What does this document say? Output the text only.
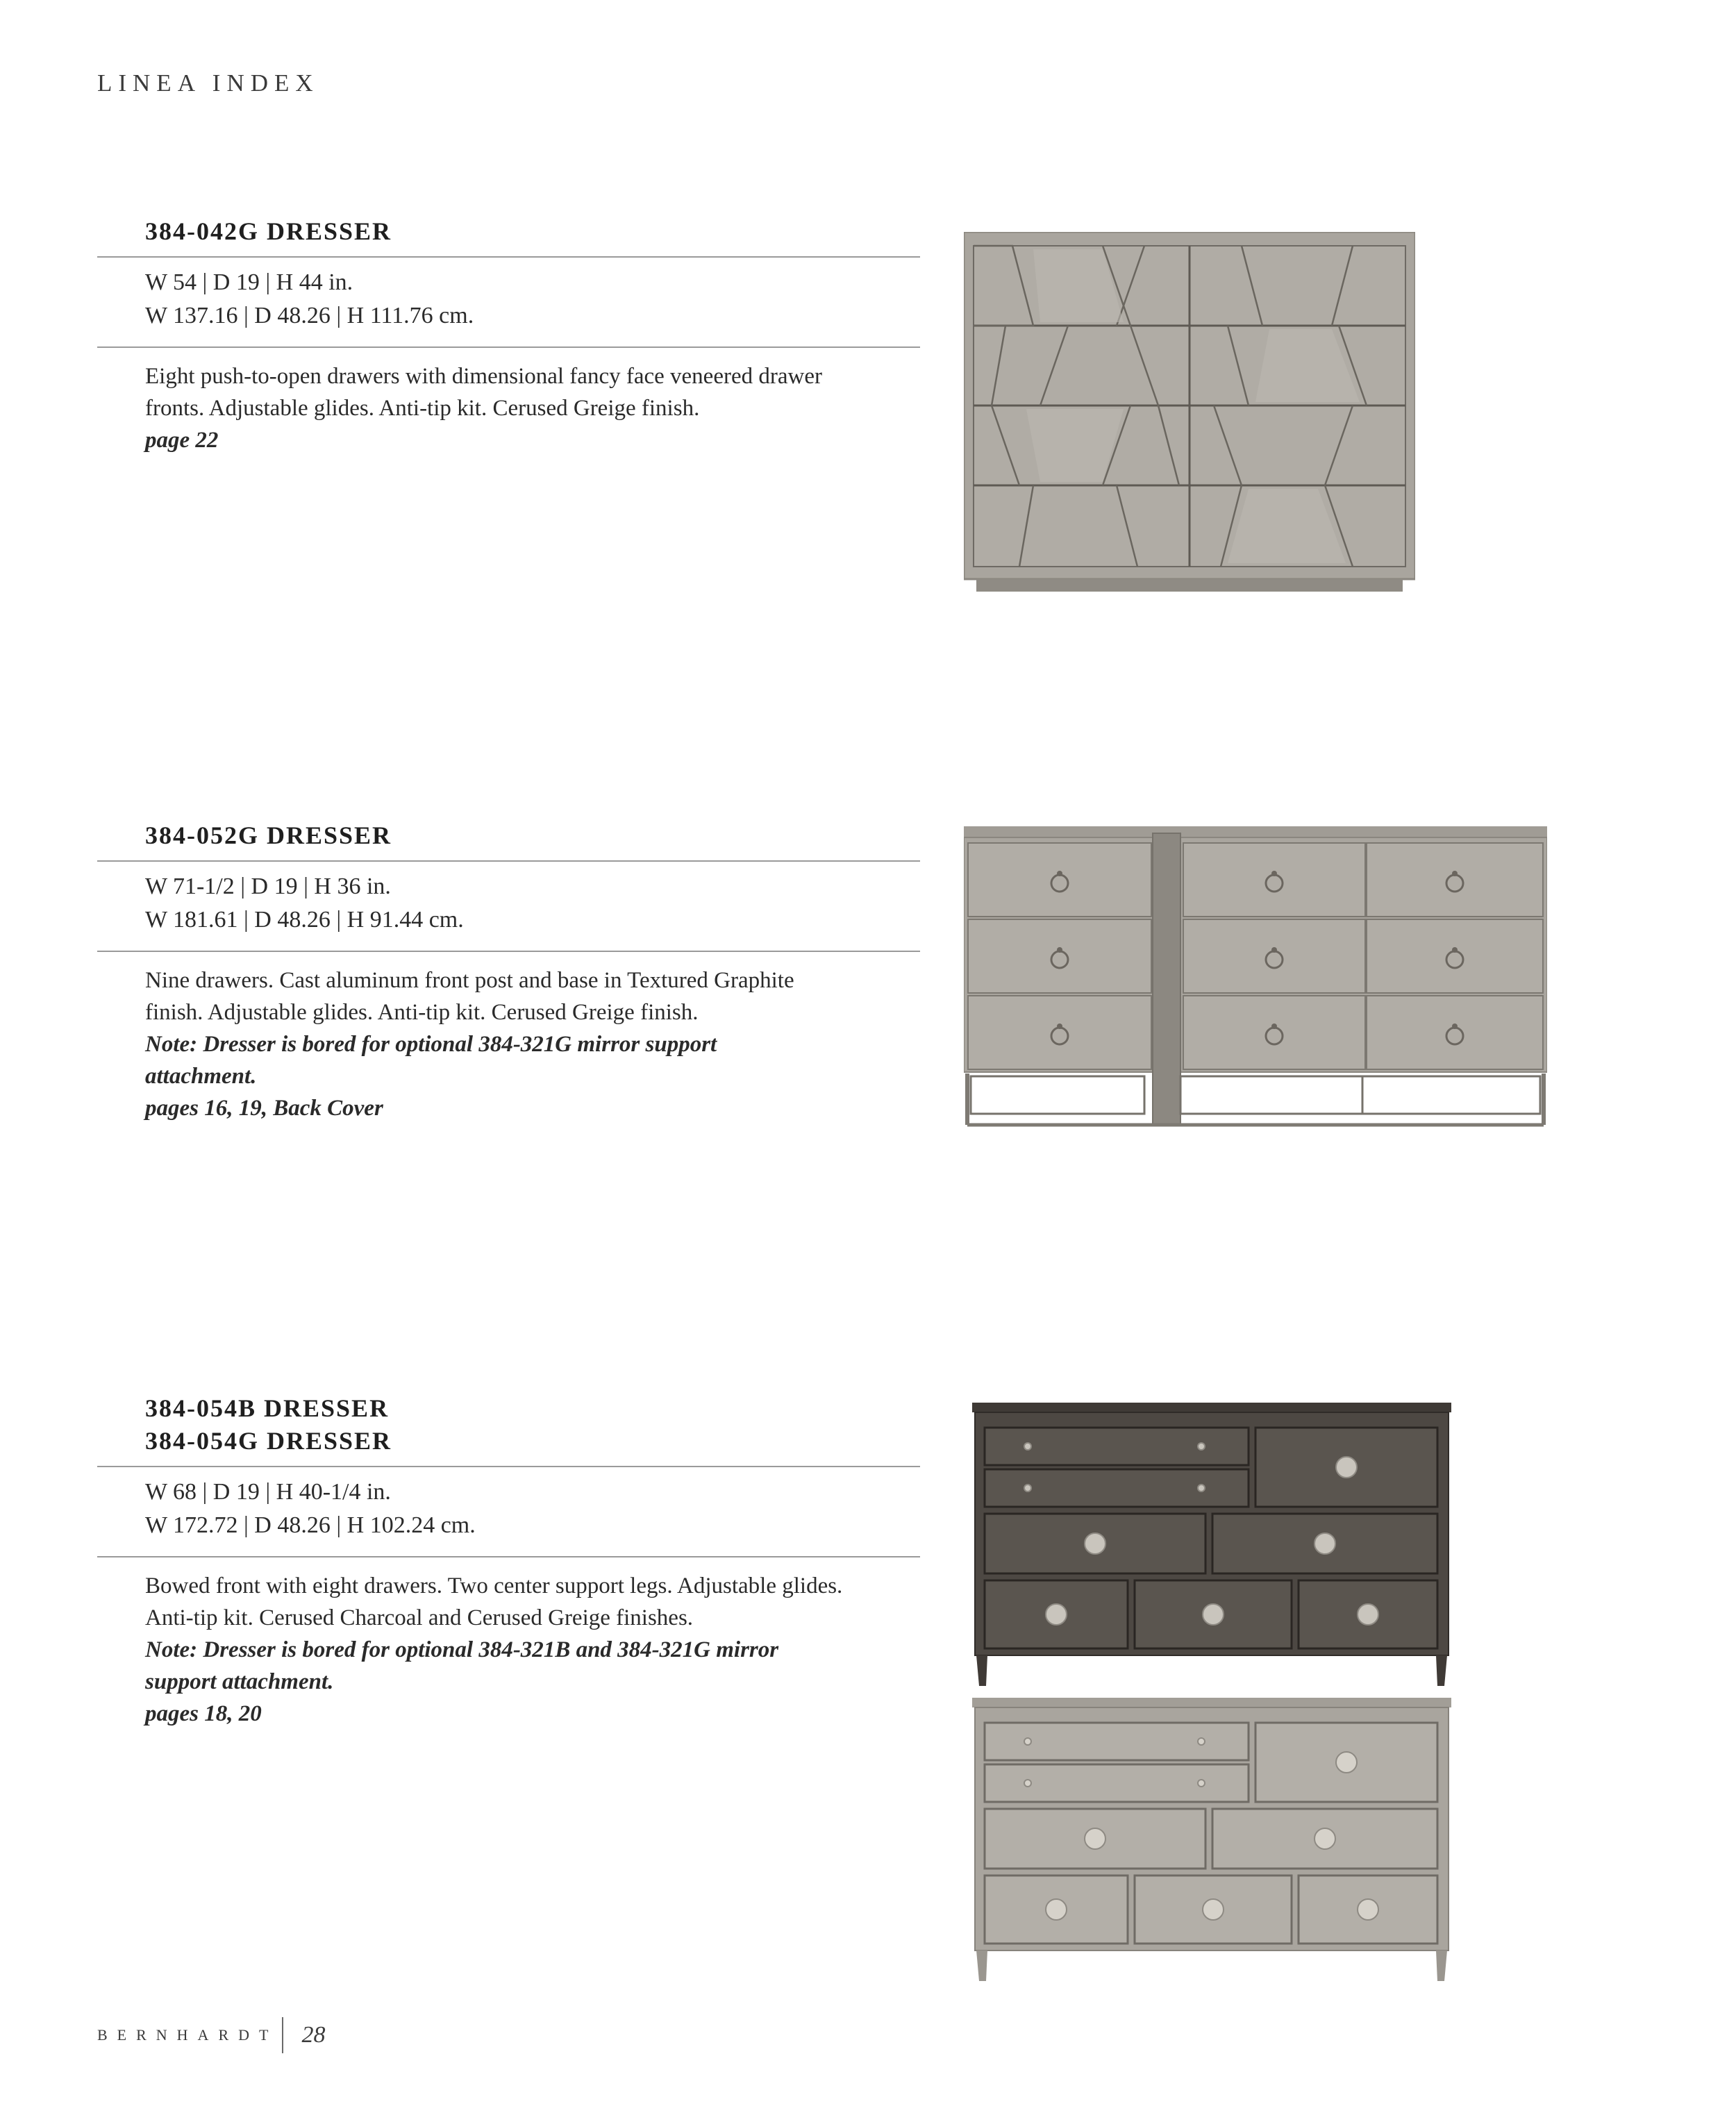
LINEA INDEX
384-042G DRESSER
W 54 | D 19 | H 44 in.
W 137.16 | D 48.26 | H 111.76 cm.
Eight push-to-open drawers with dimensional fancy face veneered drawer
fronts. Adjustable glides. Anti-tip kit. Cerused Greige finish.
page 22
384-052G DRESSER
W 71-1/2 | D 19 | H 36 in.
W 181.61 | D 48.26 | H 91.44 cm.
Nine drawers. Cast aluminum front post and base in Textured Graphite
finish. Adjustable glides. Anti-tip kit. Cerused Greige finish.
Note: Dresser is bored for optional 384-321G mirror support
attachment.
pages 16, 19, Back Cover
384-054B DRESSER
384-054G DRESSER
W 68 | D 19 | H 40-1/4 in.
W 172.72 | D 48.26 | H 102.24 cm.
Bowed front with eight drawers. Two center support legs. Adjustable glides.
Anti-tip kit. Cerused Charcoal and Cerused Greige finishes.
Note: Dresser is bored for optional 384-321B and 384-321G mirror
support attachment.
pages 18, 20
BERNHARDT 28
